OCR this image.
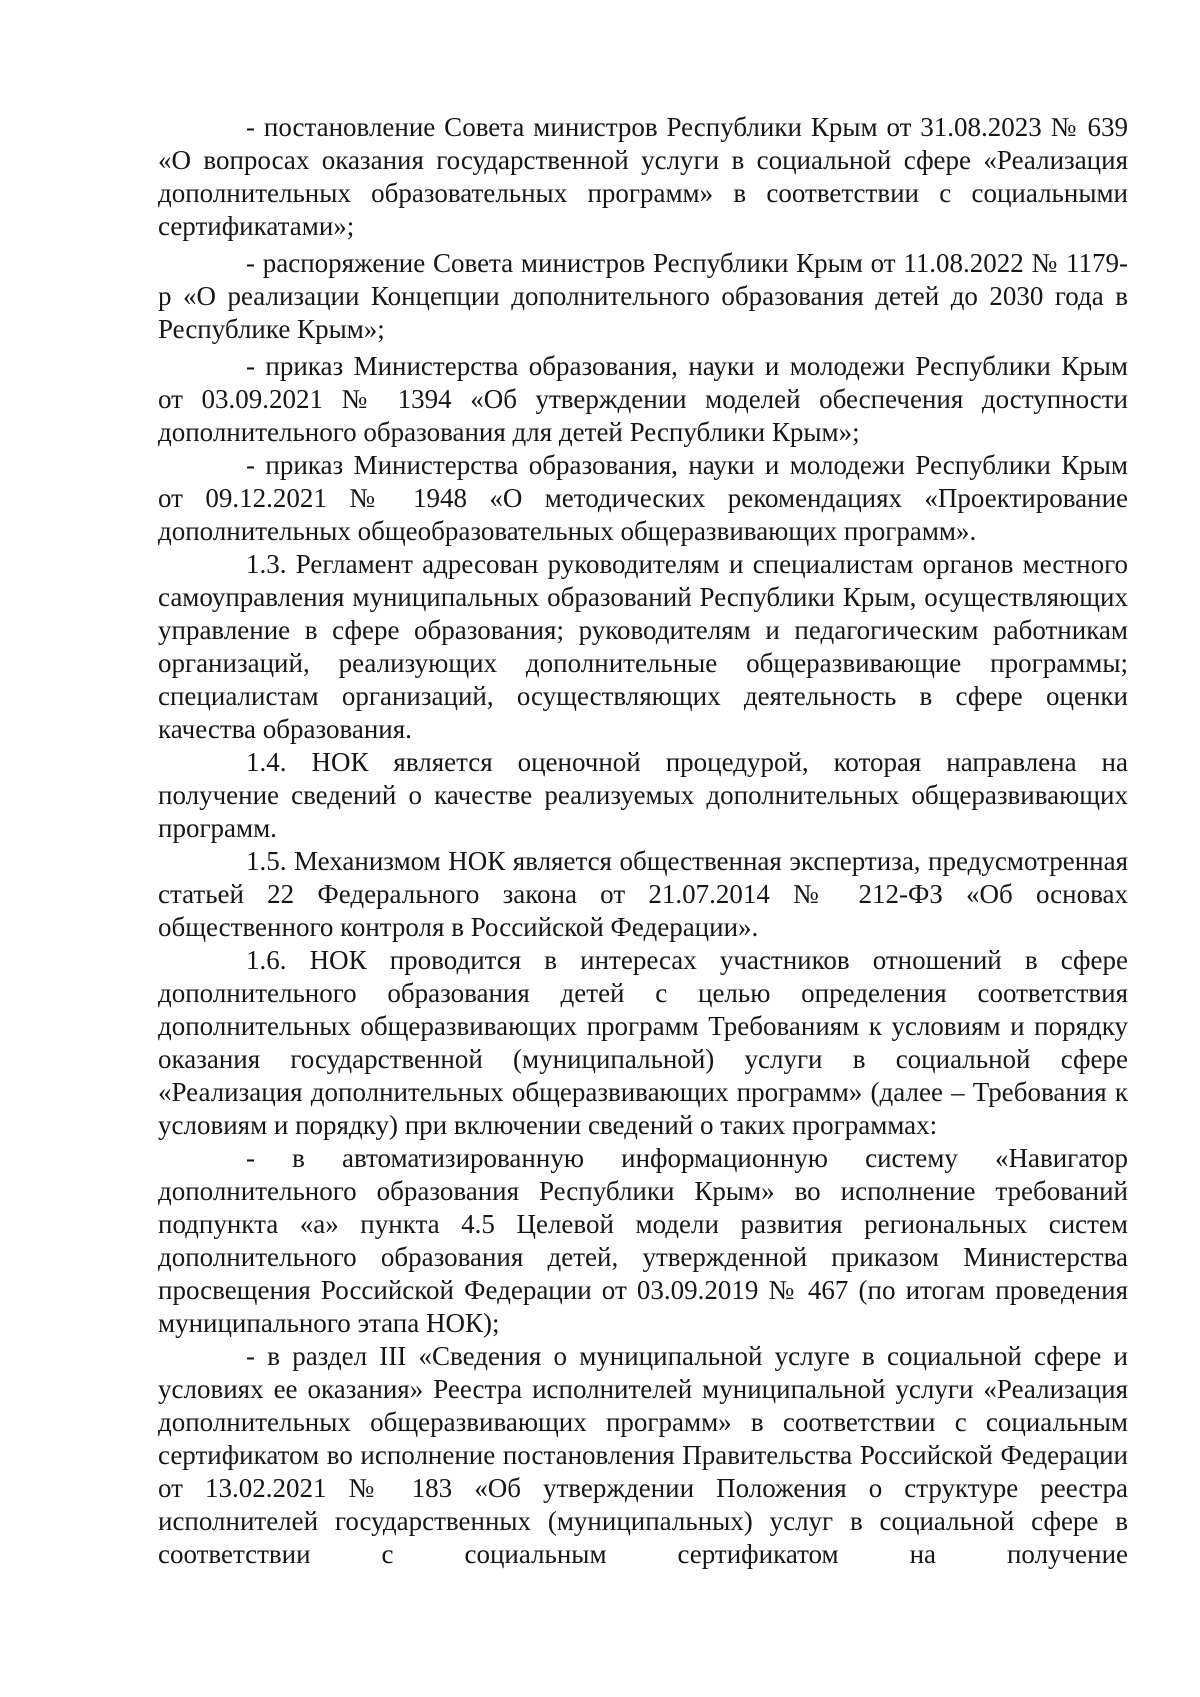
- постановление Совета министров Республики Крым от 31.08.2023 № 639 «О вопросах оказания государственной услуги в социальной сфере «Реализация дополнительных образовательных программ» в соответствии с социальными сертификатами»;

- распоряжение Совета министров Республики Крым от 11.08.2022 № 1179-р «О реализации Концепции дополнительного образования детей до 2030 года в Республике Крым»;

- приказ Министерства образования, науки и молодежи Республики Крым от 03.09.2021 № 1394 «Об утверждении моделей обеспечения доступности дополнительного образования для детей Республики Крым»;

- приказ Министерства образования, науки и молодежи Республики Крым от 09.12.2021 № 1948 «О методических рекомендациях «Проектирование дополнительных общеобразовательных общеразвивающих программ».

1.3. Регламент адресован руководителям и специалистам органов местного самоуправления муниципальных образований Республики Крым, осуществляющих управление в сфере образования; руководителям и педагогическим работникам организаций, реализующих дополнительные общеразвивающие программы; специалистам организаций, осуществляющих деятельность в сфере оценки качества образования.

1.4. НОК является оценочной процедурой, которая направлена на получение сведений о качестве реализуемых дополнительных общеразвивающих программ.

1.5. Механизмом НОК является общественная экспертиза, предусмотренная статьей 22 Федерального закона от 21.07.2014 № 212-ФЗ «Об основах общественного контроля в Российской Федерации».

1.6. НОК проводится в интересах участников отношений в сфере дополнительного образования детей с целью определения соответствия дополнительных общеразвивающих программ Требованиям к условиям и порядку оказания государственной (муниципальной) услуги в социальной сфере «Реализация дополнительных общеразвивающих программ» (далее – Требования к условиям и порядку) при включении сведений о таких программах:

- в автоматизированную информационную систему «Навигатор дополнительного образования Республики Крым» во исполнение требований подпункта «а» пункта 4.5 Целевой модели развития региональных систем дополнительного образования детей, утвержденной приказом Министерства просвещения Российской Федерации от 03.09.2019 № 467 (по итогам проведения муниципального этапа НОК);

- в раздел III «Сведения о муниципальной услуге в социальной сфере и условиях ее оказания» Реестра исполнителей муниципальной услуги «Реализация дополнительных общеразвивающих программ» в соответствии с социальным сертификатом во исполнение постановления Правительства Российской Федерации от 13.02.2021 № 183 «Об утверждении Положения о структуре реестра исполнителей государственных (муниципальных) услуг в социальной сфере в соответствии с социальным сертификатом на получение
